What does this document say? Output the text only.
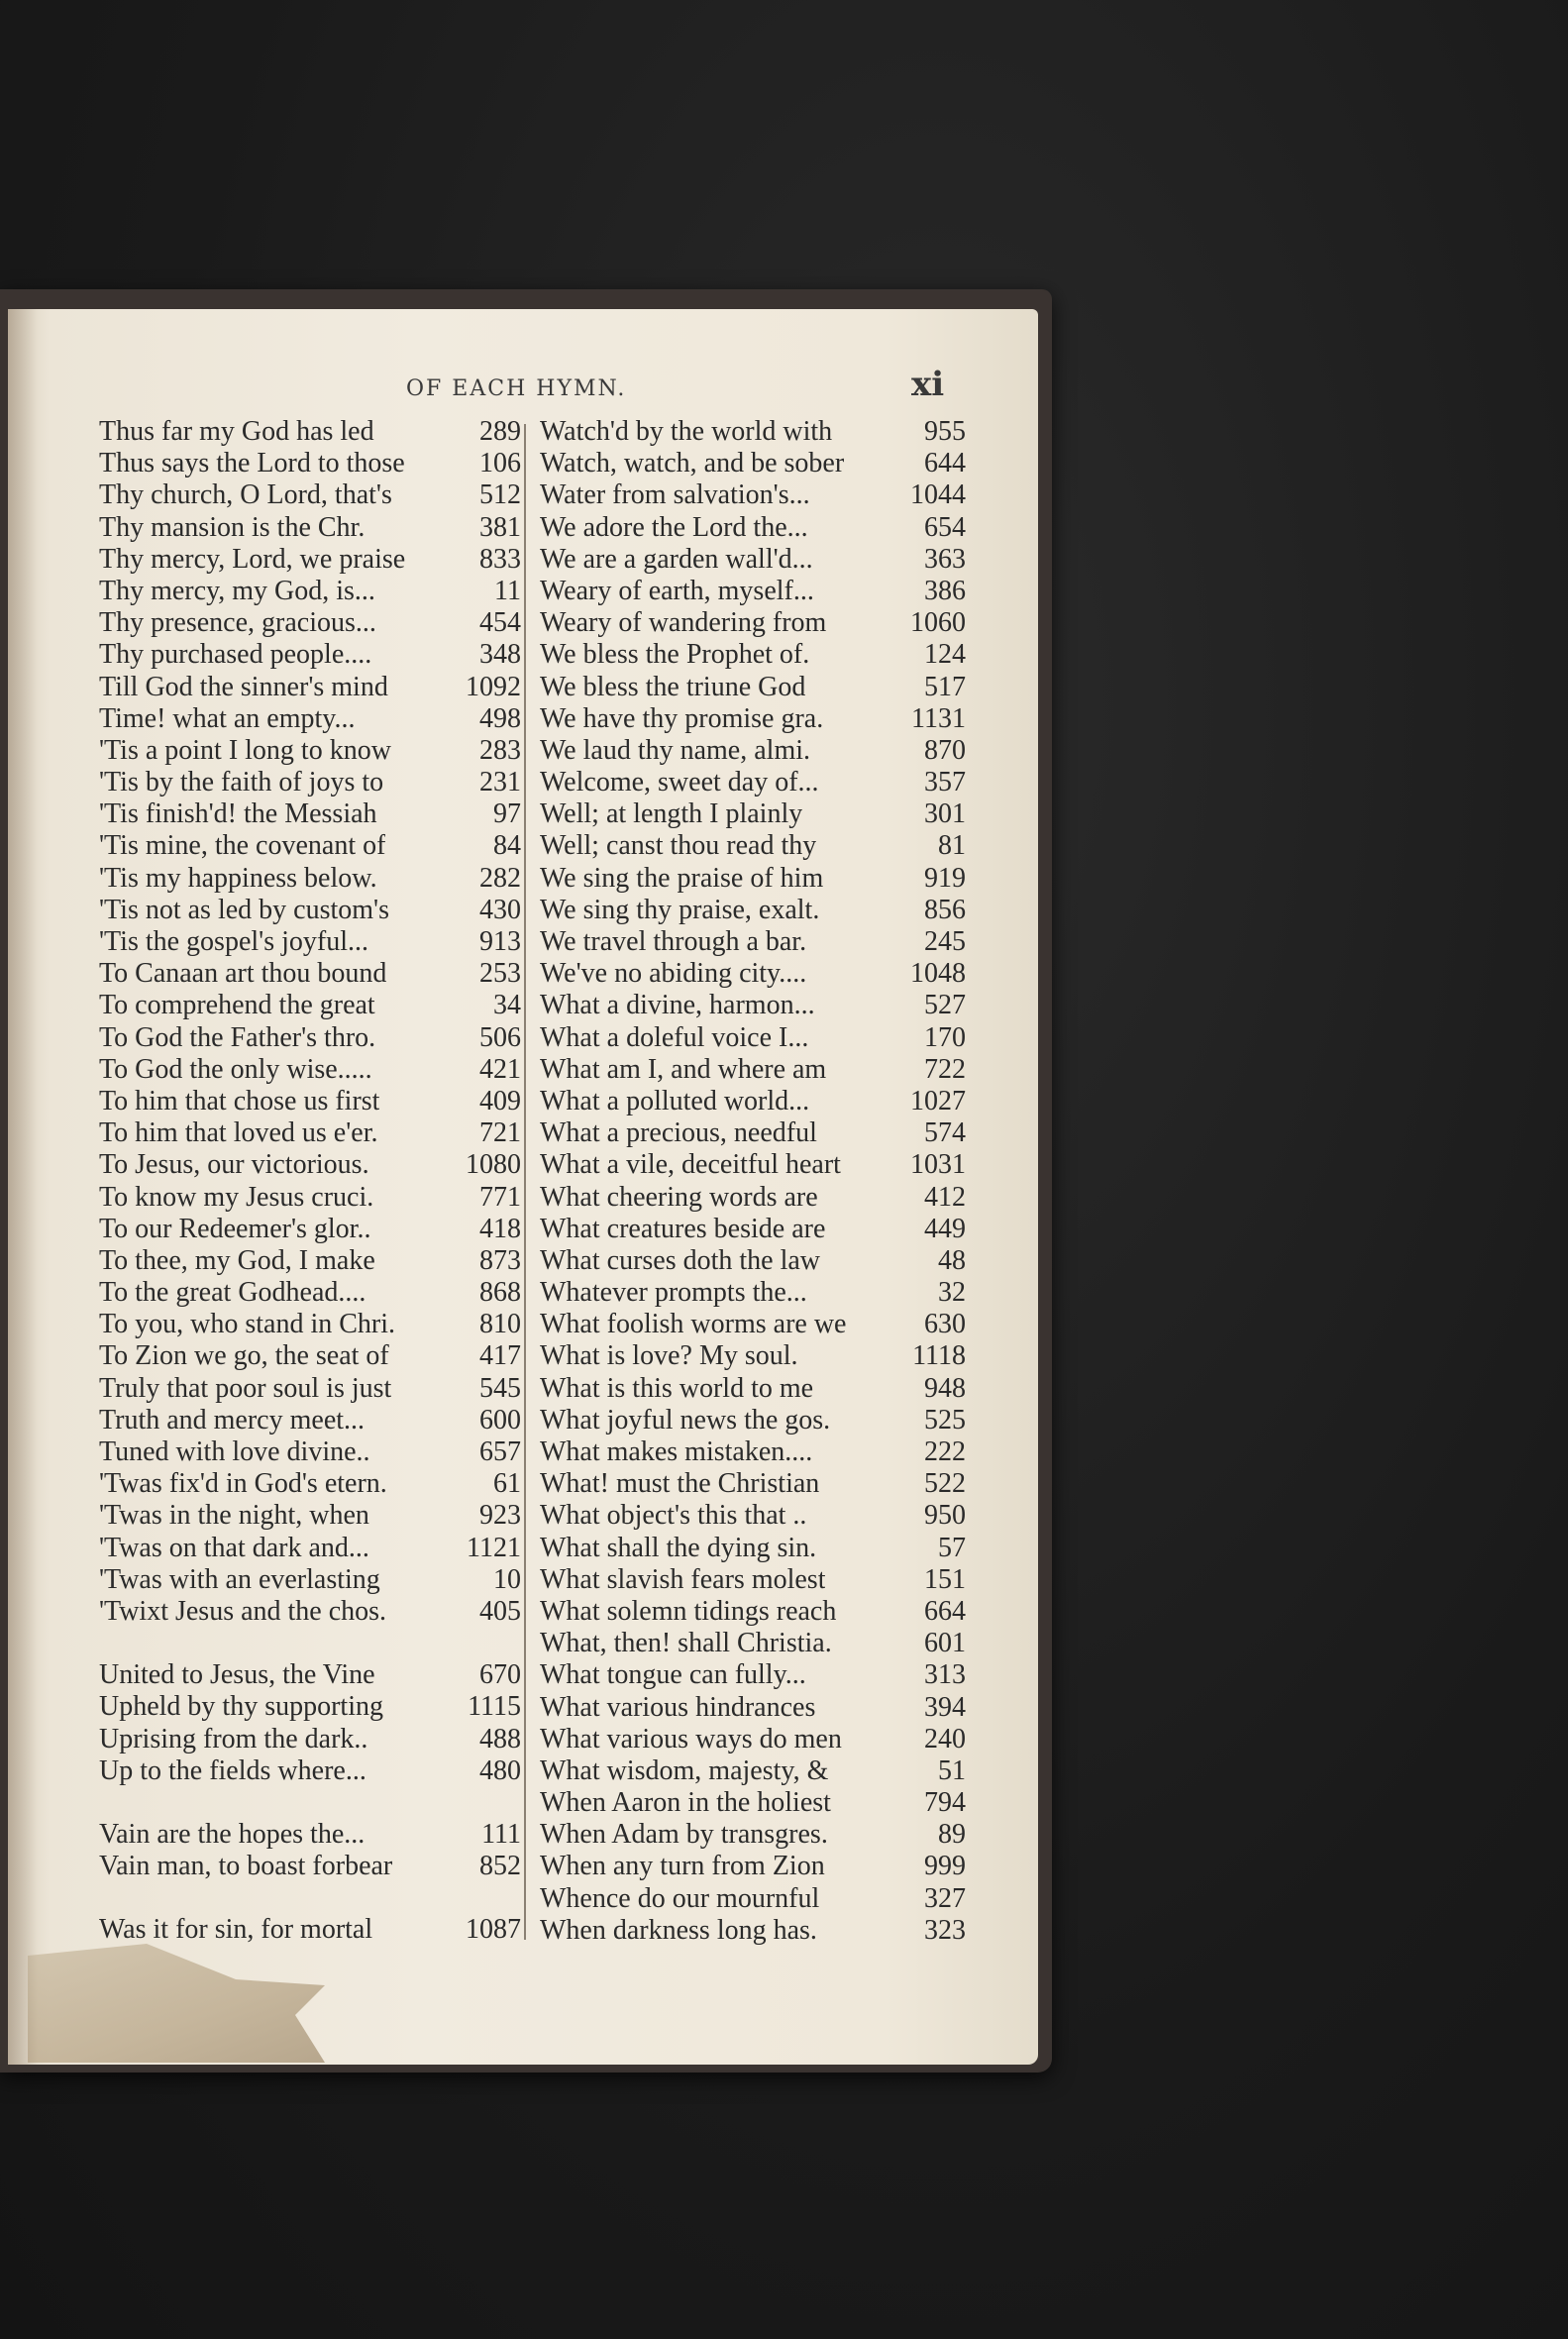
OF EACH HYMN.	xi
Thus far my God has led	289
Thus says the Lord to those	106
Thy church, O Lord, that's	512
Thy mansion is the Chr.	381
Thy mercy, Lord, we praise	833
Thy mercy, my God, is...	11
Thy presence, gracious...	454
Thy purchased people....	348
Till God the sinner's mind	1092
Time! what an empty...	498
'Tis a point I long to know	283
'Tis by the faith of joys to	231
'Tis finish'd! the Messiah	97
'Tis mine, the covenant of	84
'Tis my happiness below.	282
'Tis not as led by custom's	430
'Tis the gospel's joyful...	913
To Canaan art thou bound	253
To comprehend the great	34
To God the Father's thro.	506
To God the only wise.....	421
To him that chose us first	409
To him that loved us e'er.	721
To Jesus, our victorious.	1080
To know my Jesus cruci.	771
To our Redeemer's glor..	418
To thee, my God, I make	873
To the great Godhead....	868
To you, who stand in Chri.	810
To Zion we go, the seat of	417
Truly that poor soul is just	545
Truth and mercy meet...	600
Tuned with love divine..	657
'Twas fix'd in God's etern.	61
'Twas in the night, when	923
'Twas on that dark and...	1121
'Twas with an everlasting	10
'Twixt Jesus and the chos.	405
United to Jesus, the Vine	670
Upheld by thy supporting	1115
Uprising from the dark..	488
Up to the fields where...	480
Vain are the hopes the...	111
Vain man, to boast forbear	852
Was it for sin, for mortal	1087
Watch'd by the world with	955
Watch, watch, and be sober	644
Water from salvation's...	1044
We adore the Lord the...	654
We are a garden wall'd...	363
Weary of earth, myself...	386
Weary of wandering from	1060
We bless the Prophet of.	124
We bless the triune God	517
We have thy promise gra.	1131
We laud thy name, almi.	870
Welcome, sweet day of...	357
Well; at length I plainly	301
Well; canst thou read thy	81
We sing the praise of him	919
We sing thy praise, exalt.	856
We travel through a bar.	245
We've no abiding city....	1048
What a divine, harmon...	527
What a doleful voice I...	170
What am I, and where am	722
What a polluted world...	1027
What a precious, needful	574
What a vile, deceitful heart	1031
What cheering words are	412
What creatures beside are	449
What curses doth the law	48
Whatever prompts the...	32
What foolish worms are we	630
What is love? My soul.	1118
What is this world to me	948
What joyful news the gos.	525
What makes mistaken....	222
What! must the Christian	522
What object's this that ..	950
What shall the dying sin.	57
What slavish fears molest	151
What solemn tidings reach	664
What, then! shall Christia.	601
What tongue can fully...	313
What various hindrances	394
What various ways do men	240
What wisdom, majesty, &	51
When Aaron in the holiest	794
When Adam by transgres.	89
When any turn from Zion	999
Whence do our mournful	327
When darkness long has.	323
